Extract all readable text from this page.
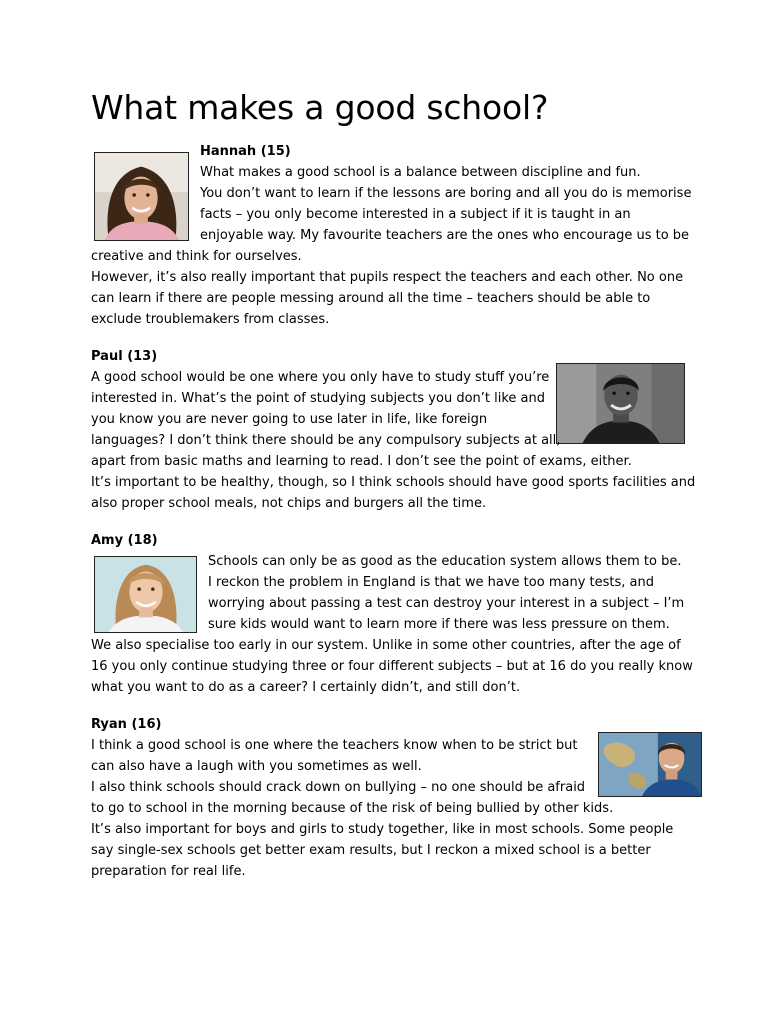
What makes a good school?
Hannah (15)
What makes a good school is a balance between discipline and fun.
You don’t want to learn if the lessons are boring and all you do is memorise
facts – you only become interested in a subject if it is taught in an
enjoyable way. My favourite teachers are the ones who encourage us to be
creative and think for ourselves.
However, it’s also really important that pupils respect the teachers and each other. No one
can learn if there are people messing around all the time – teachers should be able to
exclude troublemakers from classes.
Paul (13)
A good school would be one where you only have to study stuff you’re
interested in. What’s the point of studying subjects you don’t like and
you know you are never going to use later in life, like foreign
languages? I don’t think there should be any compulsory subjects at all,
apart from basic maths and learning to read. I don’t see the point of exams, either.
It’s important to be healthy, though, so I think schools should have good sports facilities and
also proper school meals, not chips and burgers all the time.
Amy (18)
Schools can only be as good as the education system allows them to be.
I reckon the problem in England is that we have too many tests, and
worrying about passing a test can destroy your interest in a subject – I’m
sure kids would want to learn more if there was less pressure on them.
We also specialise too early in our system. Unlike in some other countries, after the age of
16 you only continue studying three or four different subjects – but at 16 do you really know
what you want to do as a career? I certainly didn’t, and still don’t.
Ryan (16)
I think a good school is one where the teachers know when to be strict but
can also have a laugh with you sometimes as well.
I also think schools should crack down on bullying – no one should be afraid
to go to school in the morning because of the risk of being bullied by other kids.
It’s also important for boys and girls to study together, like in most schools. Some people
say single-sex schools get better exam results, but I reckon a mixed school is a better
preparation for real life.
